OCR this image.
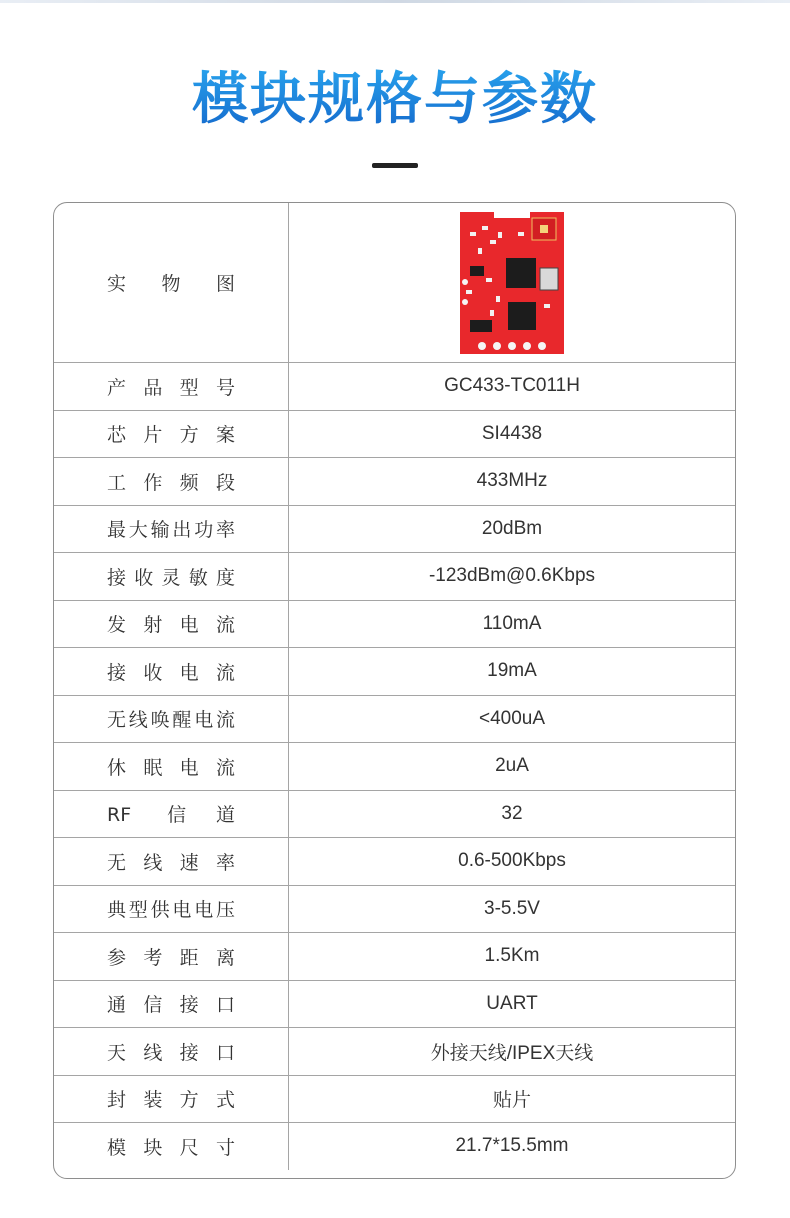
模块规格与参数
实物图
产品型号	GC433-TC011H
芯片方案	SI4438
工作频段	433MHz
最大输出功率	20dBm
接收灵敏度	-123dBm@0.6Kbps
发射电流	110mA
接收电流	19mA
无线唤醒电流	<400uA
休眠电流	2uA
RF 信道	32
无线速率	0.6-500Kbps
典型供电电压	3-5.5V
参考距离	1.5Km
通信接口	UART
天线接口	外接天线/IPEX天线
封装方式	贴片
模块尺寸	21.7*15.5mm
